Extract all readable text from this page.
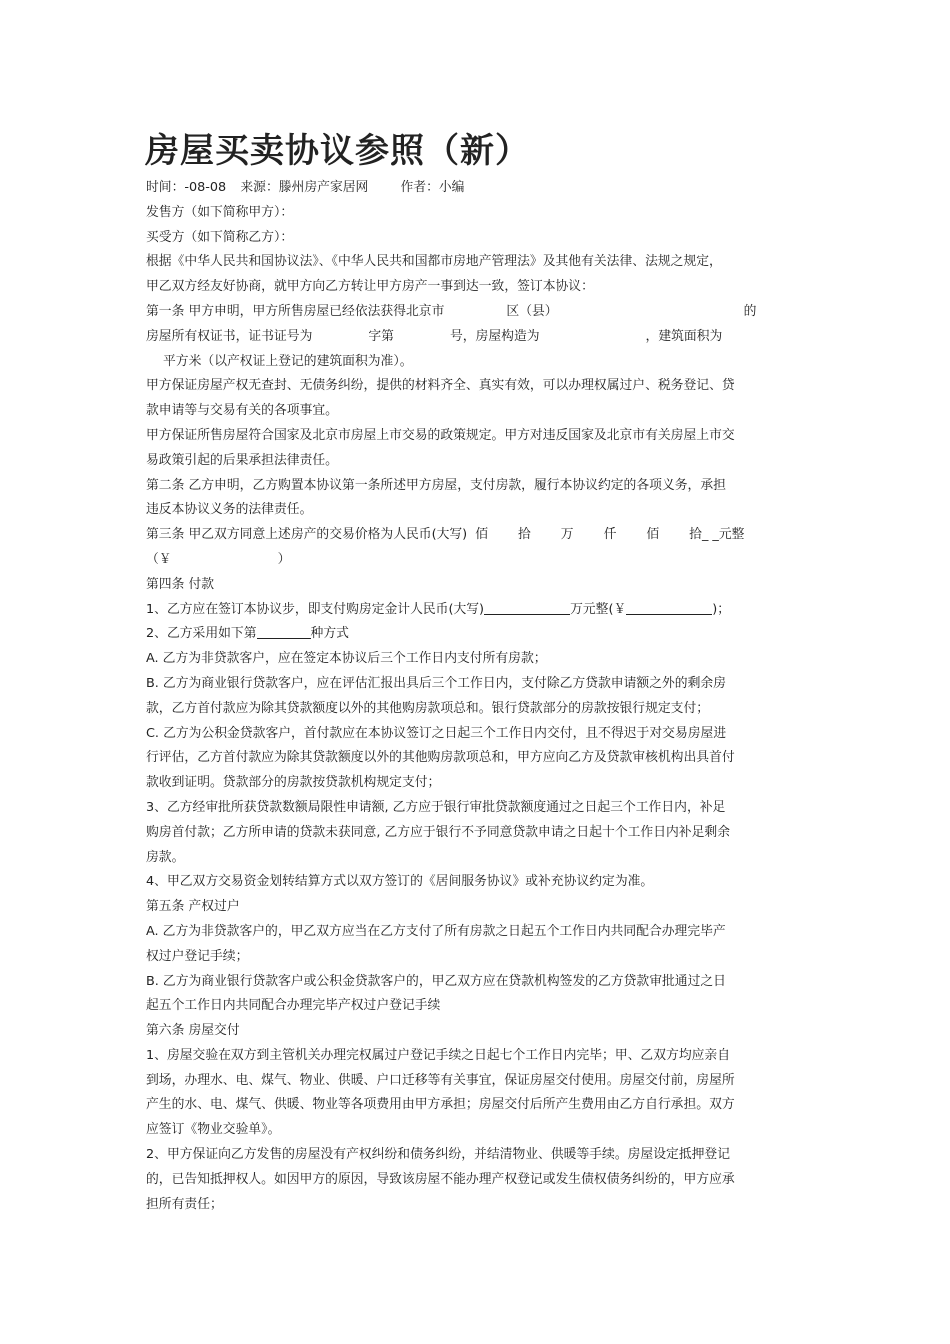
房屋买卖协议参照（新）

时间：-08-08 来源：滕州房产家居网	作者：小编

发售方（如下简称甲方）：

买受方（如下简称乙方）：

根据《中华人民共和国协议法》、《中华人民共和国都市房地产管理法》及其他有关法律、法规之规定，

甲乙双方经友好协商，就甲方向乙方转让甲方房产一事到达一致，签订本协议：

第一条 甲方申明，甲方所售房屋已经依法获得北京市	区（县）	的

房屋所有权证书，证书证号为	字第	号，房屋构造为	，建筑面积为

平方米（以产权证上登记的建筑面积为准）。

甲方保证房屋产权无查封、无债务纠纷，提供的材料齐全、真实有效，可以办理权属过户、税务登记、贷

款申请等与交易有关的各项事宜。

甲方保证所售房屋符合国家及北京市房屋上市交易的政策规定。甲方对违反国家及北京市有关房屋上市交

易政策引起的后果承担法律责任。

第二条 乙方申明，乙方购置本协议第一条所述甲方房屋，支付房款，履行本协议约定的各项义务，承担

违反本协议义务的法律责任。

第三条 甲乙双方同意上述房产的交易价格为人民币(大写) 佰 拾 万 仟 佰 拾_ _元整

（￥	）

第四条 付款

1、乙方应在签订本协议步，即支付购房定金计人民币(大写)	万元整(￥	)；

2、乙方采用如下第	种方式

A. 乙方为非贷款客户，应在签定本协议后三个工作日内支付所有房款；

B. 乙方为商业银行贷款客户，应在评估汇报出具后三个工作日内，支付除乙方贷款申请额之外的剩余房

款，乙方首付款应为除其贷款额度以外的其他购房款项总和。银行贷款部分的房款按银行规定支付；

C. 乙方为公积金贷款客户，首付款应在本协议签订之日起三个工作日内交付，且不得迟于对交易房屋进

行评估，乙方首付款应为除其贷款额度以外的其他购房款项总和，甲方应向乙方及贷款审核机构出具首付

款收到证明。贷款部分的房款按贷款机构规定支付；

3、乙方经审批所获贷款数额局限性申请额, 乙方应于银行审批贷款额度通过之日起三个工作日内，补足

购房首付款；乙方所申请的贷款未获同意, 乙方应于银行不予同意贷款申请之日起十个工作日内补足剩余

房款。

4、甲乙双方交易资金划转结算方式以双方签订的《居间服务协议》或补充协议约定为准。

第五条 产权过户

A. 乙方为非贷款客户的，甲乙双方应当在乙方支付了所有房款之日起五个工作日内共同配合办理完毕产

权过户登记手续；

B. 乙方为商业银行贷款客户或公积金贷款客户的，甲乙双方应在贷款机构签发的乙方贷款审批通过之日

起五个工作日内共同配合办理完毕产权过户登记手续

第六条 房屋交付

1、房屋交验在双方到主管机关办理完权属过户登记手续之日起七个工作日内完毕；甲、乙双方均应亲自

到场，办理水、电、煤气、物业、供暖、户口迁移等有关事宜，保证房屋交付使用。房屋交付前，房屋所

产生的水、电、煤气、供暖、物业等各项费用由甲方承担；房屋交付后所产生费用由乙方自行承担。双方

应签订《物业交验单》。

2、甲方保证向乙方发售的房屋没有产权纠纷和债务纠纷，并结清物业、供暖等手续。房屋设定抵押登记

的，已告知抵押权人。如因甲方的原因，导致该房屋不能办理产权登记或发生债权债务纠纷的，甲方应承

担所有责任；
